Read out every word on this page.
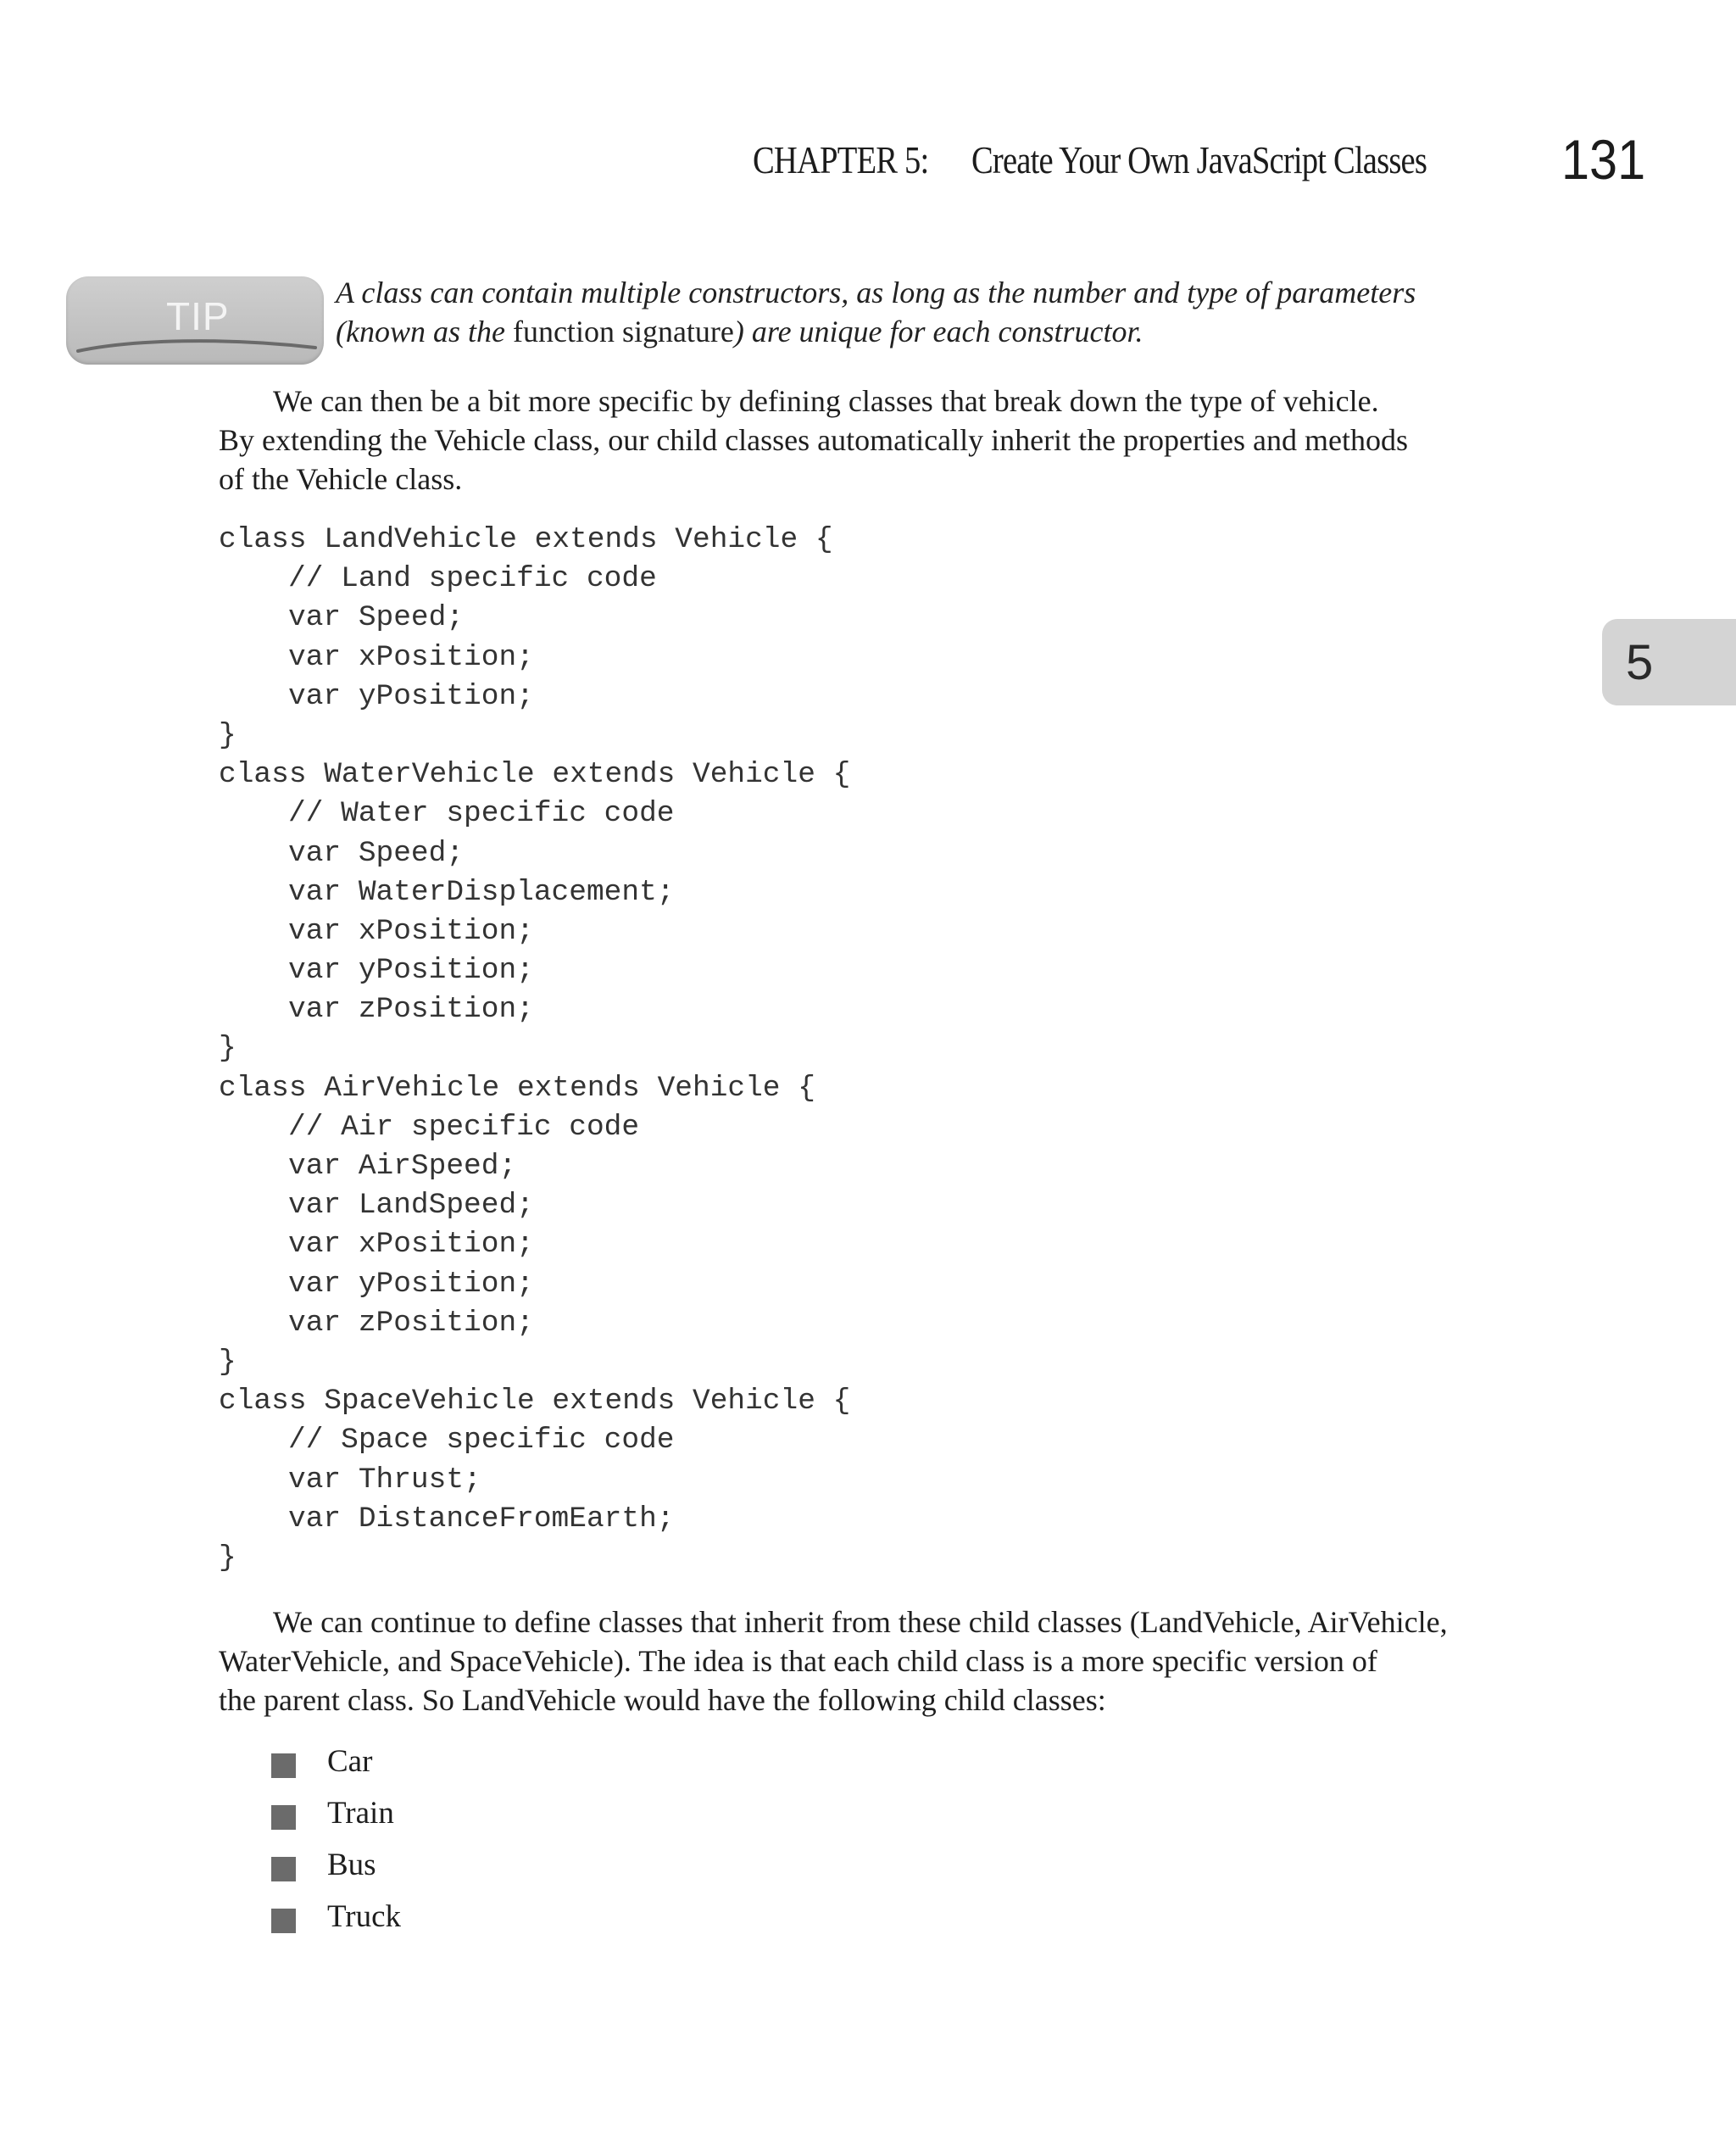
CHAPTER 5: Create Your Own JavaScript Classes 131
5
TIP
A class can contain multiple constructors, as long as the number and type of parameters
(known as the function signature) are unique for each constructor.
We can then be a bit more specific by defining classes that break down the type of vehicle.
By extending the Vehicle class, our child classes automatically inherit the properties and methods
of the Vehicle class.
class LandVehicle extends Vehicle {
// Land specific code
var Speed;
var xPosition;
var yPosition;
}
class WaterVehicle extends Vehicle {
// Water specific code
var Speed;
var WaterDisplacement;
var xPosition;
var yPosition;
var zPosition;
}
class AirVehicle extends Vehicle {
// Air specific code
var AirSpeed;
var LandSpeed;
var xPosition;
var yPosition;
var zPosition;
}
class SpaceVehicle extends Vehicle {
// Space specific code
var Thrust;
var DistanceFromEarth;
}
We can continue to define classes that inherit from these child classes (LandVehicle, AirVehicle,
WaterVehicle, and SpaceVehicle). The idea is that each child class is a more specific version of
the parent class. So LandVehicle would have the following child classes:
Car
Train
Bus
Truck
